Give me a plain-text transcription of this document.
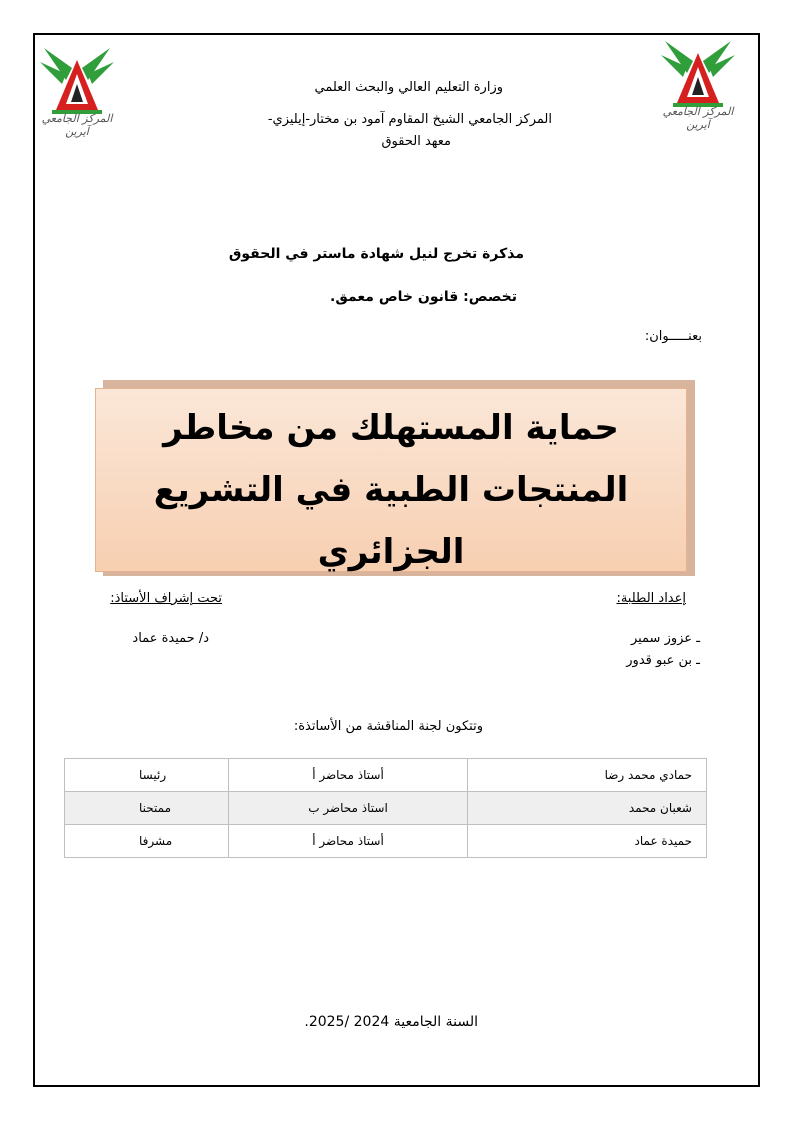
المركز الجامعي آيرين
المركز الجامعي آيرين
وزارة التعليم العالي والبحث العلمي
المركز الجامعي الشيخ المقاوم آمود بن مختار-إيليزي-
معهد الحقوق
مذكرة تخرج لنيل شهادة ماستر في الحقوق
تخصص: قانون خاص معمق.
بعنـــــوان:
حماية المستهلك من مخاطر
المنتجات الطبية في التشريع
الجزائري
إعداد الطلبة:
ـ عزوز سمير
ـ بن عبو قدور
تحت إشراف الأستاذ:
د/ حميدة عماد
وتتكون لجنة المناقشة من الأساتذة:
حمادي محمد رضا	أستاذ محاضر أ	رئيسا
شعبان محمد	استاذ محاضر ب	ممتحنا
حميدة عماد	أستاذ محاضر أ	مشرفا
السنة الجامعية 2024 /2025.
